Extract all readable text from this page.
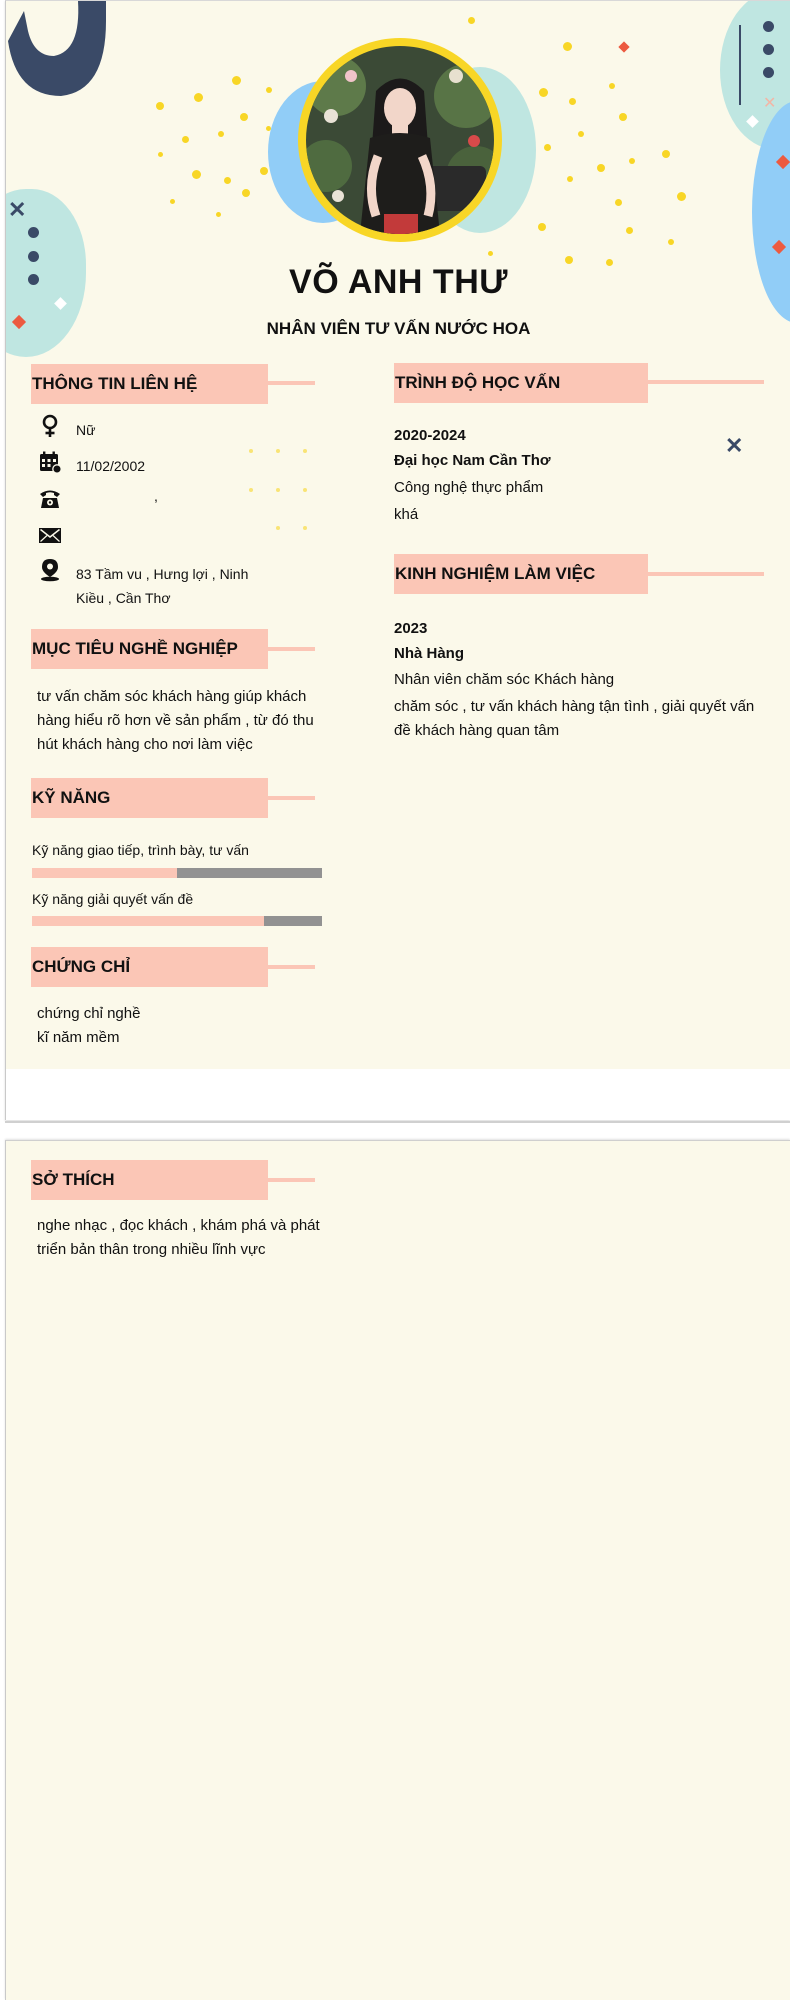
✕
✕
VÕ ANH THƯ
NHÂN VIÊN TƯ VẤN NƯỚC HOA
THÔNG TIN LIÊN HỆ
Nữ
11/02/2002
,
83 Tầm vu , Hưng lợi , Ninh
Kiều , Cần Thơ
MỤC TIÊU NGHỀ NGHIỆP
tư vấn chăm sóc khách hàng giúp khách
hàng hiểu rõ hơn về sản phẩm , từ đó thu
hút khách hàng cho nơi làm việc
KỸ NĂNG
Kỹ năng giao tiếp, trình bày, tư vấn
Kỹ năng giải quyết vấn đề
CHỨNG CHỈ
chứng chỉ nghề
kĩ năm mềm
TRÌNH ĐỘ HỌC VẤN
✕
2020-2024
Đại học Nam Cần Thơ
Công nghệ thực phẩm
khá
KINH NGHIỆM LÀM VIỆC
2023
Nhà Hàng
Nhân viên chăm sóc Khách hàng
chăm sóc , tư vấn khách hàng tận tình , giải quyết vấn
đề khách hàng quan tâm
SỞ THÍCH
nghe nhạc , đọc khách , khám phá và phát
triển bản thân trong nhiều lĩnh vực
